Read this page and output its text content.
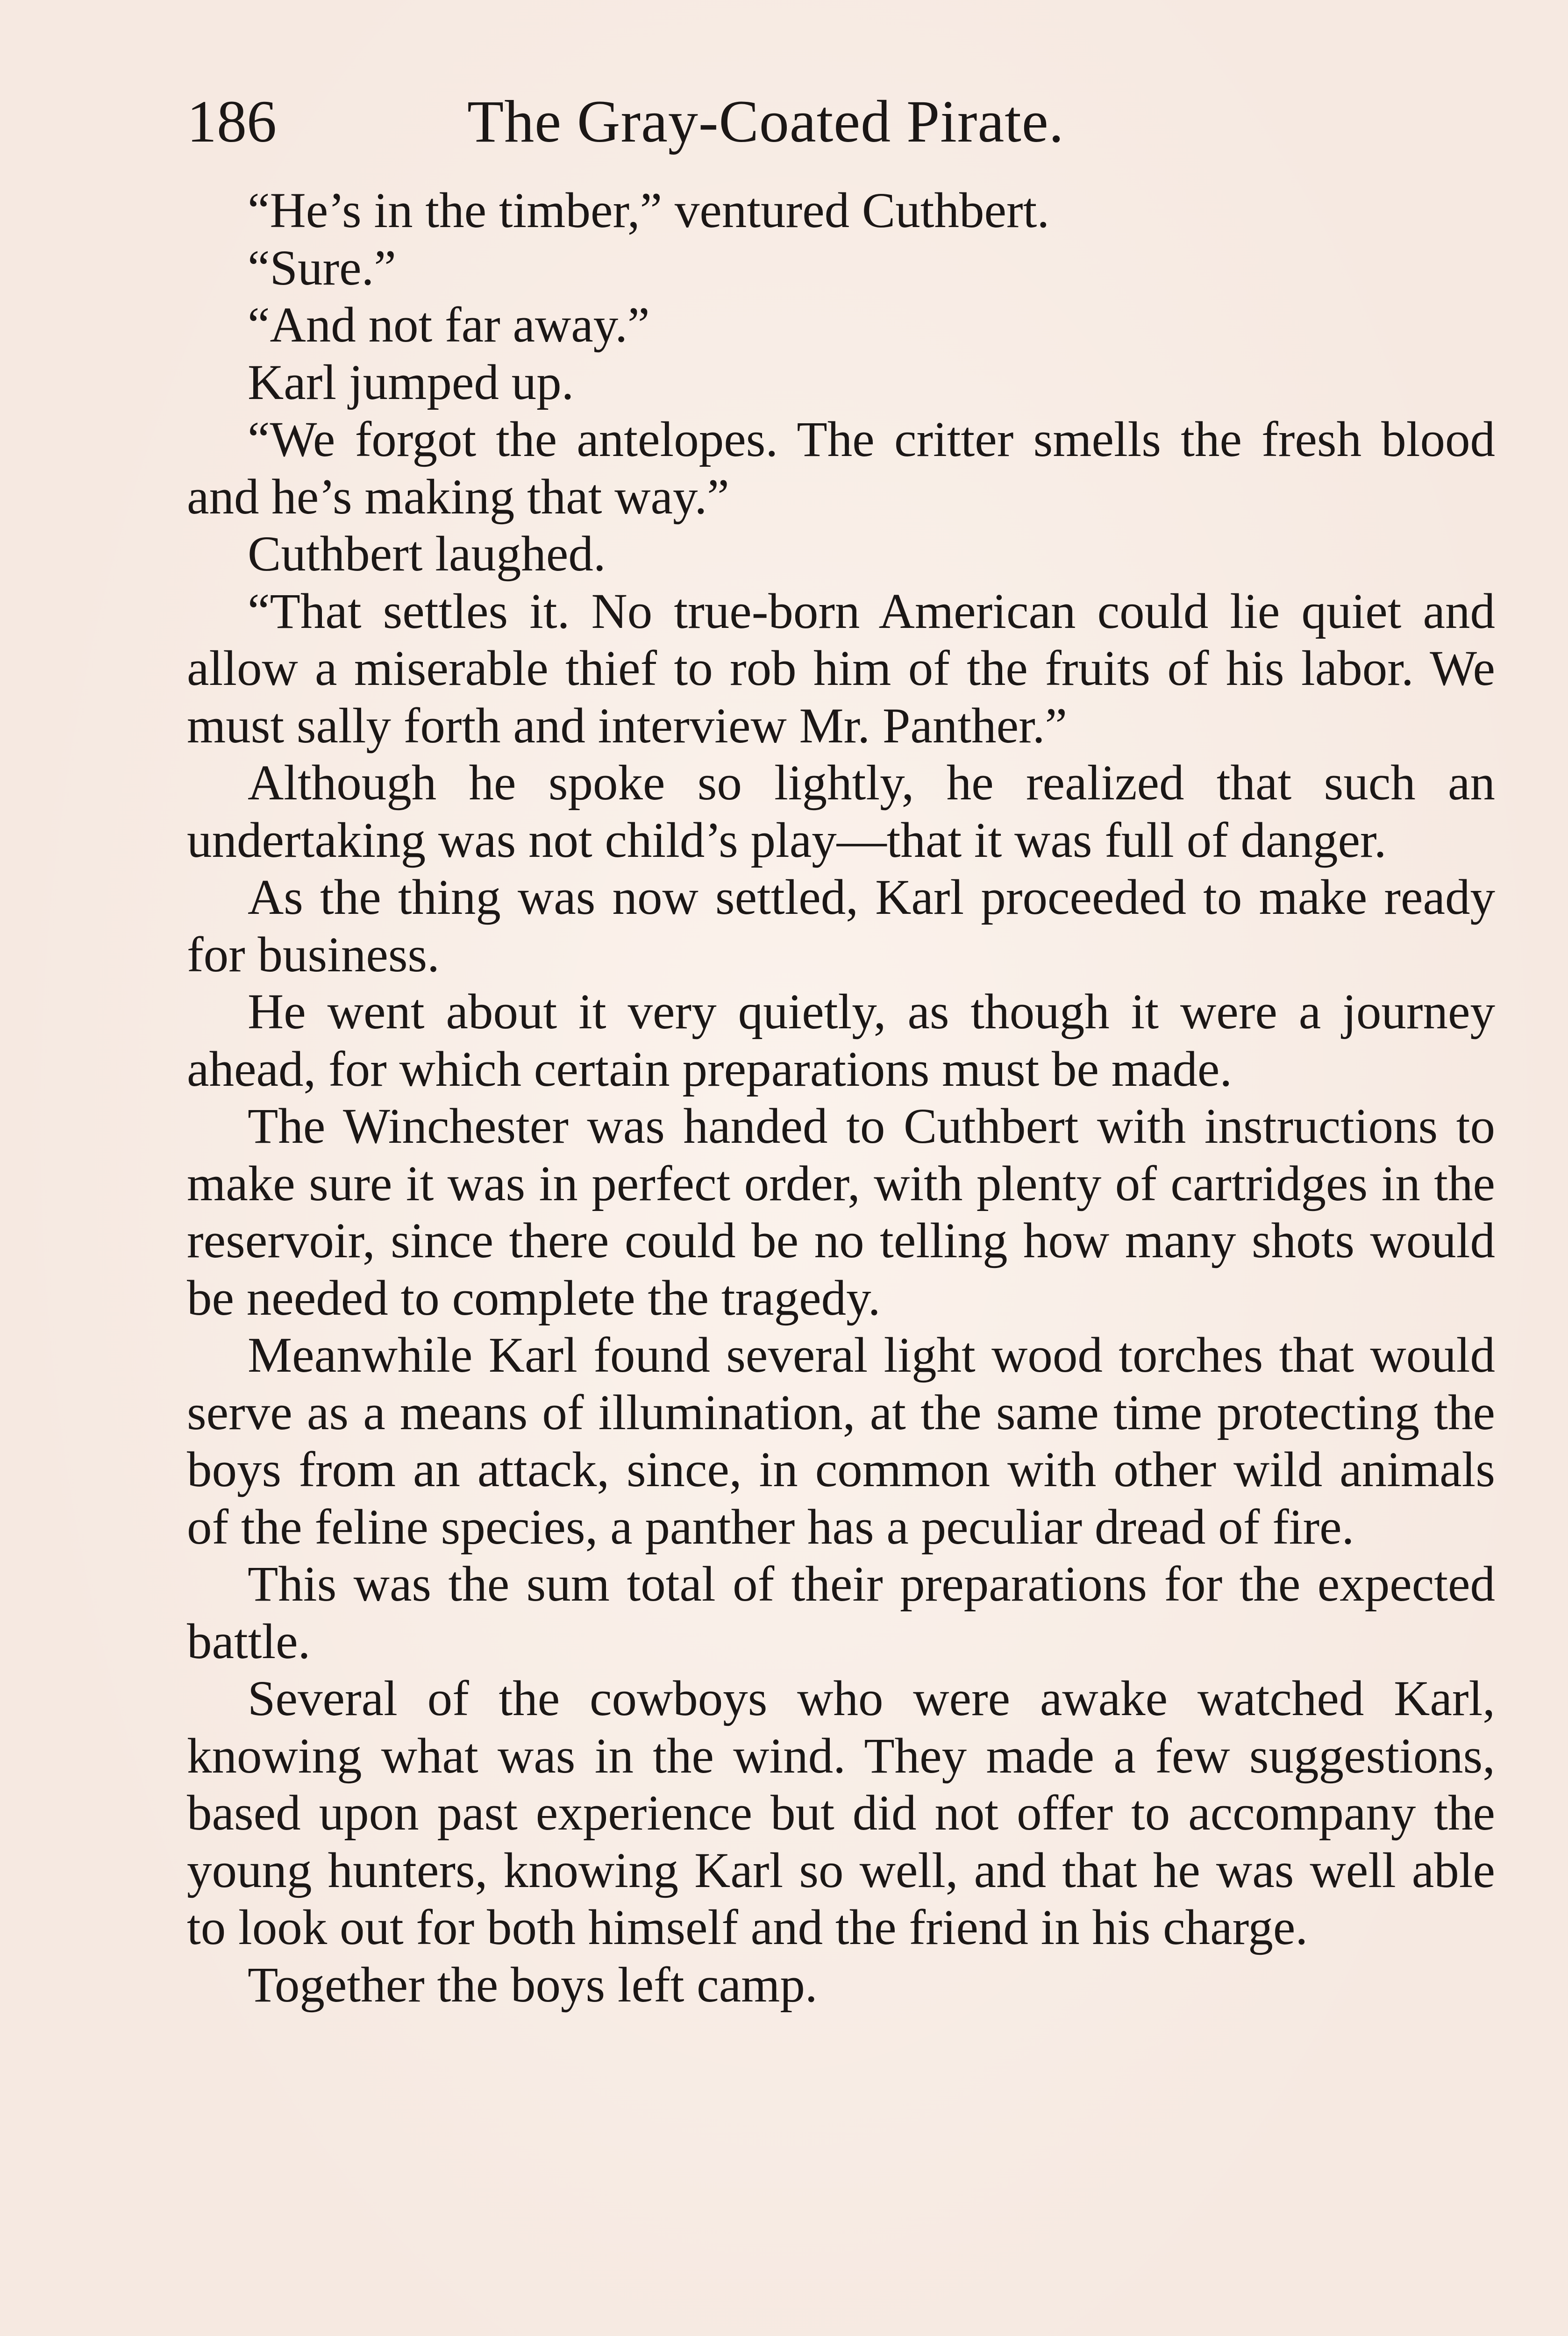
186	The Gray-Coated Pirate.

“He’s in the timber,” ventured Cuthbert.

“Sure.”

“And not far away.”

Karl jumped up.

“We forgot the antelopes. The critter smells the fresh blood and he’s making that way.”

Cuthbert laughed.

“That settles it. No true-born American could lie quiet and allow a miserable thief to rob him of the fruits of his labor. We must sally forth and interview Mr. Panther.”

Although he spoke so lightly, he realized that such an undertaking was not child’s play—that it was full of danger.

As the thing was now settled, Karl proceeded to make ready for business.

He went about it very quietly, as though it were a journey ahead, for which certain preparations must be made.

The Winchester was handed to Cuthbert with instructions to make sure it was in perfect order, with plenty of cartridges in the reservoir, since there could be no telling how many shots would be needed to complete the tragedy.

Meanwhile Karl found several light wood torches that would serve as a means of illumination, at the same time protecting the boys from an attack, since, in common with other wild animals of the feline species, a panther has a peculiar dread of fire.

This was the sum total of their preparations for the expected battle.

Several of the cowboys who were awake watched Karl, knowing what was in the wind. They made a few suggestions, based upon past experience but did not offer to accompany the young hunters, knowing Karl so well, and that he was well able to look out for both himself and the friend in his charge.

Together the boys left camp.
